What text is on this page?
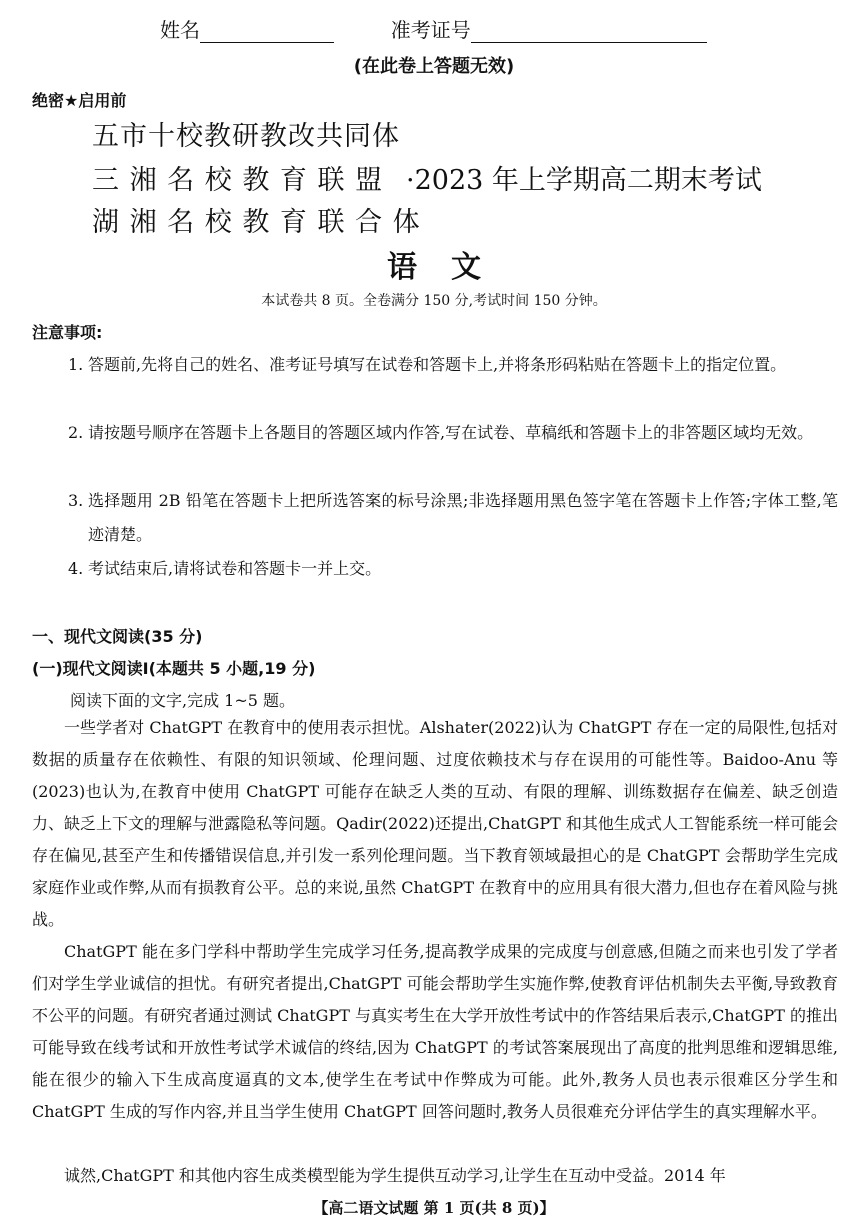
姓名	准考证号
(在此卷上答题无效)
绝密★启用前
五市十校教研教改共同体
三 湘 名 校 教 育 联 盟
湖 湘 名 校 教 育 联 合 体
·2023 年上学期高二期末考试
语文
本试卷共 8 页。全卷满分 150 分,考试时间 150 分钟。
注意事项:
1. 答题前,先将自己的姓名、准考证号填写在试卷和答题卡上,并将条形码粘贴在答题卡上的指定位置。
2. 请按题号顺序在答题卡上各题目的答题区域内作答,写在试卷、草稿纸和答题卡上的非答题区域均无效。
3. 选择题用 2B 铅笔在答题卡上把所选答案的标号涂黑;非选择题用黑色签字笔在答题卡上作答;字体工整,笔迹清楚。
4. 考试结束后,请将试卷和答题卡一并上交。
一、现代文阅读(35 分)
(一)现代文阅读Ⅰ(本题共 5 小题,19 分)
阅读下面的文字,完成 1~5 题。

一些学者对 ChatGPT 在教育中的使用表示担忧。Alshater(2022)认为 ChatGPT 存在一定的局限性,包括对数据的质量存在依赖性、有限的知识领域、伦理问题、过度依赖技术与存在误用的可能性等。Baidoo-Anu 等(2023)也认为,在教育中使用 ChatGPT 可能存在缺乏人类的互动、有限的理解、训练数据存在偏差、缺乏创造力、缺乏上下文的理解与泄露隐私等问题。Qadir(2022)还提出,ChatGPT 和其他生成式人工智能系统一样可能会存在偏见,甚至产生和传播错误信息,并引发一系列伦理问题。当下教育领域最担心的是 ChatGPT 会帮助学生完成家庭作业或作弊,从而有损教育公平。总的来说,虽然 ChatGPT 在教育中的应用具有很大潜力,但也存在着风险与挑战。

ChatGPT 能在多门学科中帮助学生完成学习任务,提高教学成果的完成度与创意感,但随之而来也引发了学者们对学生学业诚信的担忧。有研究者提出,ChatGPT 可能会帮助学生实施作弊,使教育评估机制失去平衡,导致教育不公平的问题。有研究者通过测试 ChatGPT 与真实考生在大学开放性考试中的作答结果后表示,ChatGPT 的推出可能导致在线考试和开放性考试学术诚信的终结,因为 ChatGPT 的考试答案展现出了高度的批判思维和逻辑思维,能在很少的输入下生成高度逼真的文本,使学生在考试中作弊成为可能。此外,教务人员也表示很难区分学生和 ChatGPT 生成的写作内容,并且当学生使用 ChatGPT 回答问题时,教务人员很难充分评估学生的真实理解水平。

诚然,ChatGPT 和其他内容生成类模型能为学生提供互动学习,让学生在互动中受益。2014 年

【高二语文试题 第 1 页(共 8 页)】
